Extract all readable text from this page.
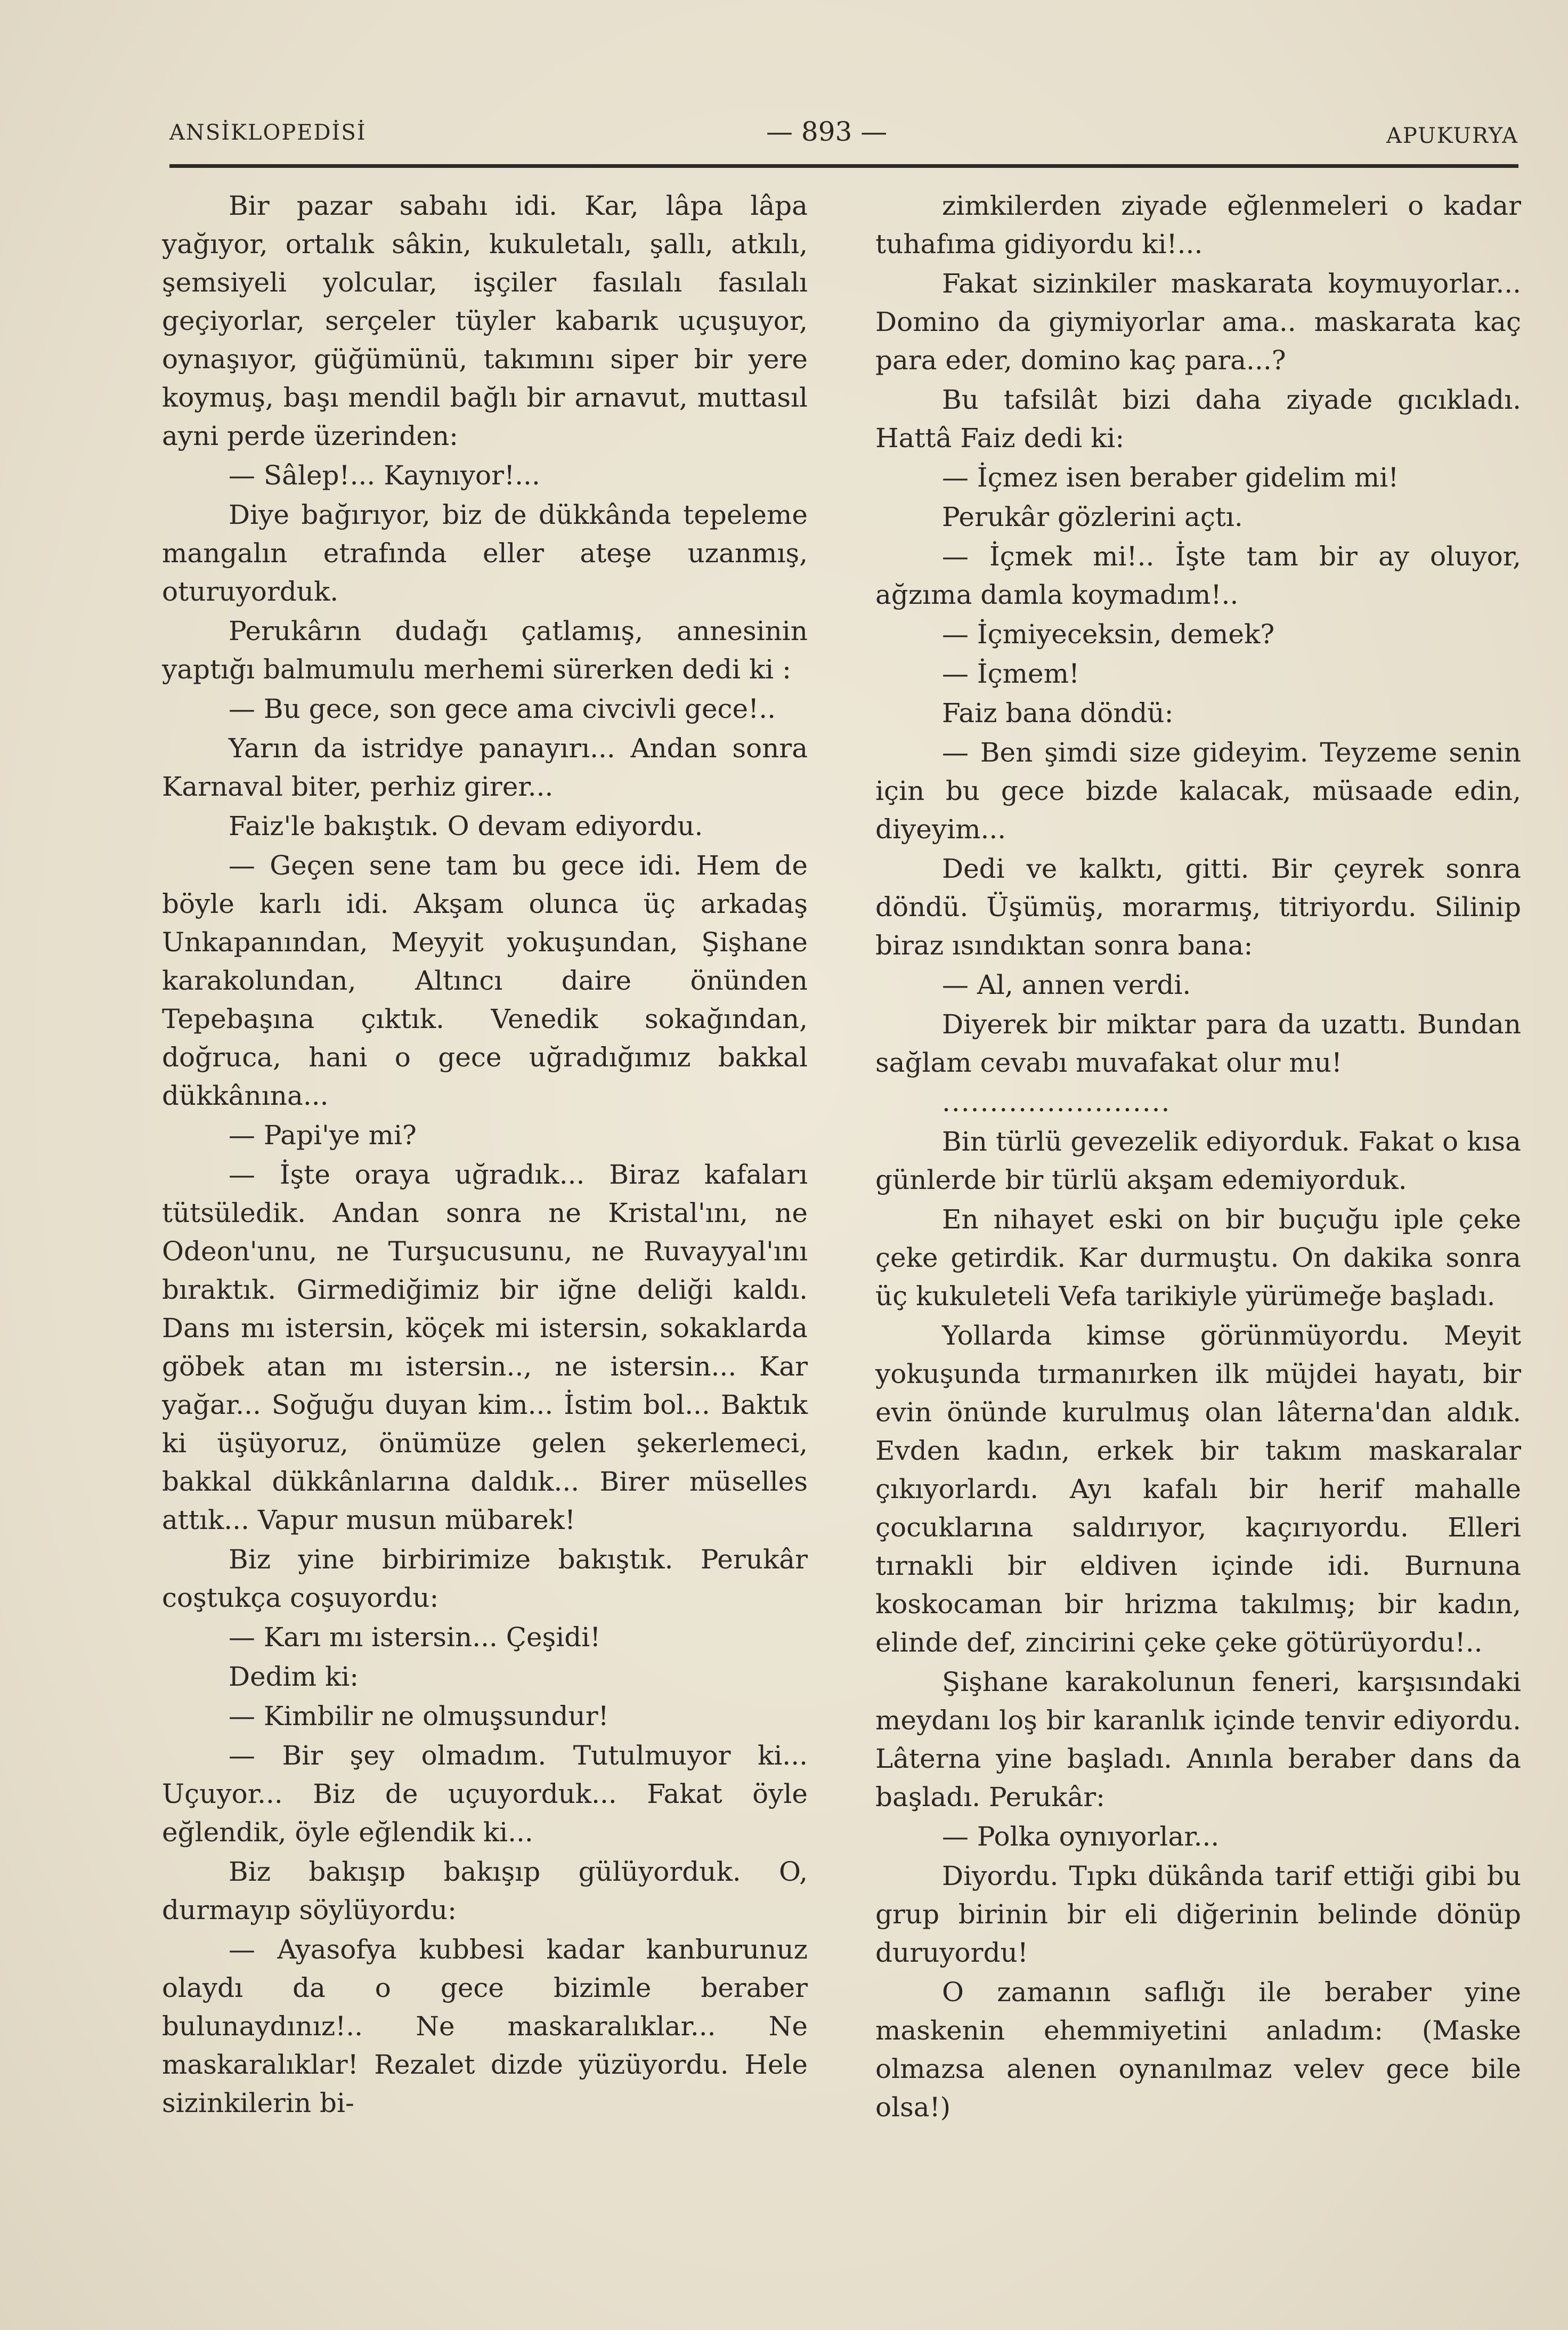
ANSİKLOPEDİSİ	— 893 —	APUKURYA

Bir pazar sabahı idi. Kar, lâpa lâpa yağıyor, ortalık sâkin, kukuletalı, şallı, atkılı, şemsiyeli yolcular, işçiler fasılalı fasılalı geçiyorlar, serçeler tüyler kabarık uçuşuyor, oynaşıyor, güğümünü, takımını siper bir yere koymuş, başı mendil bağlı bir arnavut, muttasıl ayni perde üzerinden:

— Sâlep!... Kaynıyor!...

Diye bağırıyor, biz de dükkânda tepeleme mangalın etrafında eller ateşe uzanmış, oturuyorduk.

Perukârın dudağı çatlamış, annesinin yaptığı balmumulu merhemi sürerken dedi ki :

— Bu gece, son gece ama civcivli gece!..

Yarın da istridye panayırı... Andan sonra Karnaval biter, perhiz girer...

Faiz'le bakıştık. O devam ediyordu.

— Geçen sene tam bu gece idi. Hem de böyle karlı idi. Akşam olunca üç arkadaş Unkapanından, Meyyit yokuşundan, Şişhane karakolundan, Altıncı daire önünden Tepebaşına çıktık. Venedik sokağından, doğruca, hani o gece uğradığımız bakkal dükkânına...

— Papi'ye mi?

— İşte oraya uğradık... Biraz kafaları tütsüledik. Andan sonra ne Kristal'ını, ne Odeon'unu, ne Turşucusunu, ne Ruvayyal'ını bıraktık. Girmediğimiz bir iğne deliği kaldı. Dans mı istersin, köçek mi istersin, sokaklarda göbek atan mı istersin.., ne istersin... Kar yağar... Soğuğu duyan kim... İstim bol... Baktık ki üşüyoruz, önümüze gelen şekerlemeci, bakkal dükkânlarına daldık... Birer müselles attık... Vapur musun mübarek!

Biz yine birbirimize bakıştık. Perukâr coştukça coşuyordu:

— Karı mı istersin... Çeşidi!

Dedim ki:

— Kimbilir ne olmuşsundur!

— Bir şey olmadım. Tutulmuyor ki... Uçuyor... Biz de uçuyorduk... Fakat öyle eğlendik, öyle eğlendik ki...

Biz bakışıp bakışıp gülüyorduk. O, durmayıp söylüyordu:

— Ayasofya kubbesi kadar kanburunuz olaydı da o gece bizimle beraber bulunaydınız!.. Ne maskaralıklar... Ne maskaralıklar! Rezalet dizde yüzüyordu. Hele sizinkilerin bi-

zimkilerden ziyade eğlenmeleri o kadar tuhafıma gidiyordu ki!...

Fakat sizinkiler maskarata koymuyorlar... Domino da giymiyorlar ama.. maskarata kaç para eder, domino kaç para...?

Bu tafsilât bizi daha ziyade gıcıkladı. Hattâ Faiz dedi ki:

— İçmez isen beraber gidelim mi!

Perukâr gözlerini açtı.

— İçmek mi!.. İşte tam bir ay oluyor, ağzıma damla koymadım!..

— İçmiyeceksin, demek?

— İçmem!

Faiz bana döndü:

— Ben şimdi size gideyim. Teyzeme senin için bu gece bizde kalacak, müsaade edin, diyeyim...

Dedi ve kalktı, gitti. Bir çeyrek sonra döndü. Üşümüş, morarmış, titriyordu. Silinip biraz ısındıktan sonra bana:

— Al, annen verdi.

Diyerek bir miktar para da uzattı. Bundan sağlam cevabı muvafakat olur mu!

........................

Bin türlü gevezelik ediyorduk. Fakat o kısa günlerde bir türlü akşam edemiyorduk.

En nihayet eski on bir buçuğu iple çeke çeke getirdik. Kar durmuştu. On dakika sonra üç kukuleteli Vefa tarikiyle yürümeğe başladı.

Yollarda kimse görünmüyordu. Meyit yokuşunda tırmanırken ilk müjdei hayatı, bir evin önünde kurulmuş olan lâterna'dan aldık. Evden kadın, erkek bir takım maskaralar çıkıyorlardı. Ayı kafalı bir herif mahalle çocuklarına saldırıyor, kaçırıyordu. Elleri tırnakli bir eldiven içinde idi. Burnuna koskocaman bir hrizma takılmış; bir kadın, elinde def, zincirini çeke çeke götürüyordu!..

Şişhane karakolunun feneri, karşısındaki meydanı loş bir karanlık içinde tenvir ediyordu. Lâterna yine başladı. Anınla beraber dans da başladı. Perukâr:

— Polka oynıyorlar...

Diyordu. Tıpkı dükânda tarif ettiği gibi bu grup birinin bir eli diğerinin belinde dönüp duruyordu!

O zamanın saflığı ile beraber yine maskenin ehemmiyetini anladım: (Maske olmazsa alenen oynanılmaz velev gece bile olsa!)
